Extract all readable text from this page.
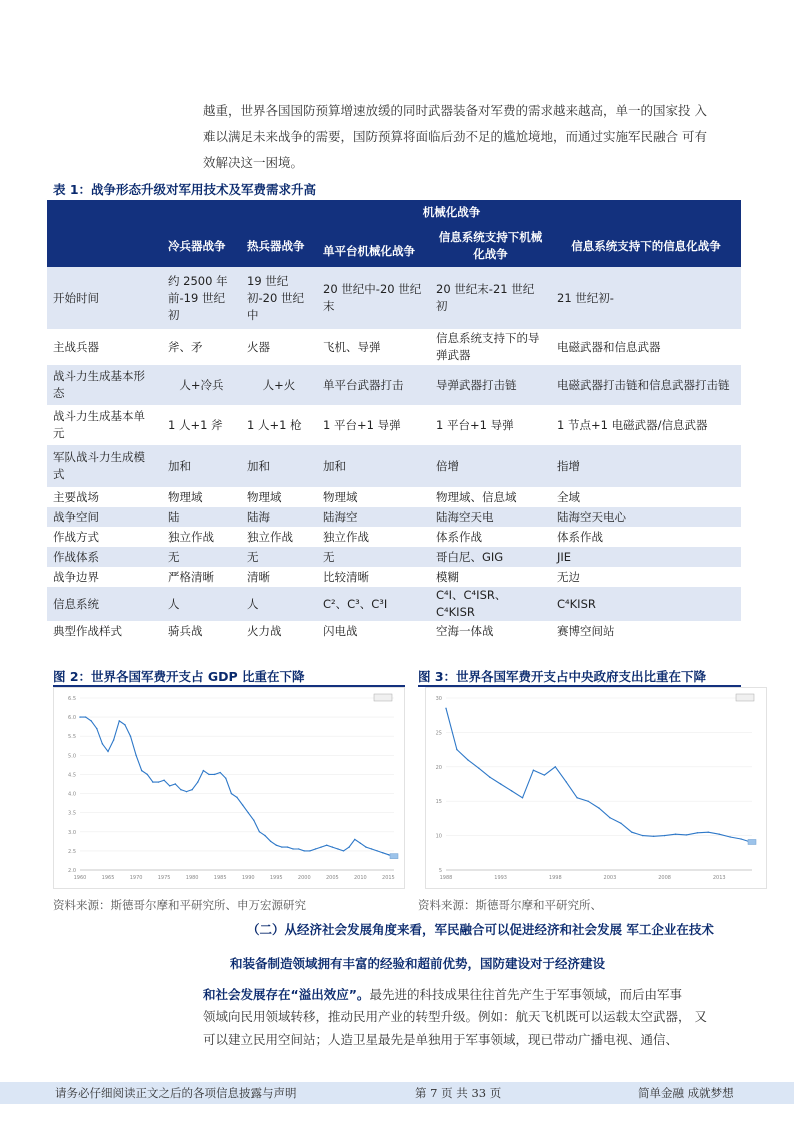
越重，世界各国国防预算增速放缓的同时武器装备对军费的需求越来越高，单一的国家投 入
难以满足未来战争的需要，国防预算将面临后劲不足的尴尬境地，而通过实施军民融合 可有
效解决这一困境。
表 1：战争形态升级对军用技术及军费需求升高
	机械化战争				
	冷兵器战争	热兵器战争	单平台机械化战争	信息系统支持下机械化战争	信息系统支持下的信息化战争
开始时间	约 2500 年前-19 世纪初	19 世纪初-20 世纪中	20 世纪中-20 世纪末	20 世纪末-21 世纪初	21 世纪初-
主战兵器	斧、矛	火器	飞机、导弹	信息系统支持下的导弹武器	电磁武器和信息武器
战斗力生成基本形态	人+冷兵	人+火	单平台武器打击	导弹武器打击链	电磁武器打击链和信息武器打击链
战斗力生成基本单元	1 人+1 斧	1 人+1 枪	1 平台+1 导弹	1 平台+1 导弹	1 节点+1 电磁武器/信息武器
军队战斗力生成模式	加和	加和	加和	倍增	指增
主要战场	物理域	物理域	物理域	物理域、信息域	全域
战争空间	陆	陆海	陆海空	陆海空天电	陆海空天电心
作战方式	独立作战	独立作战	独立作战	体系作战	体系作战
作战体系	无	无	无	哥白尼、GIG	JIE
战争边界	严格清晰	清晰	比较清晰	模糊	无边
信息系统	人	人	C²、C³、C³I	C⁴I、C⁴ISR、C⁴KISR	C⁴KISR
典型作战样式	骑兵战	火力战	闪电战	空海一体战	赛博空间站
图 2：世界各国军费开支占 GDP 比重在下降
6.5
6.0
5.5
5.0
4.5
4.0
3.5
3.0
2.5
2.0
1960	1965	1970	1975	1980	1985	1990	1995	2000	2005	2010	2015
资料来源：斯德哥尔摩和平研究所、申万宏源研究
图 3：世界各国军费开支占中央政府支出比重在下降
30
25
20
15
10
5
1988	1993	1998	2003	2008	2013
资料来源：斯德哥尔摩和平研究所、
（二）从经济社会发展角度来看，军民融合可以促进经济和社会发展 军工企业在技术
和装备制造领域拥有丰富的经验和超前优势，国防建设对于经济建设
和社会发展存在“溢出效应”。最先进的科技成果往往首先产生于军事领域，而后由军事
领域向民用领域转移，推动民用产业的转型升级。例如：航天飞机既可以运载太空武器， 又
可以建立民用空间站；人造卫星最先是单独用于军事领域，现已带动广播电视、通信、
请务必仔细阅读正文之后的各项信息披露与声明	第 7 页 共 33 页	简单金融 成就梦想
